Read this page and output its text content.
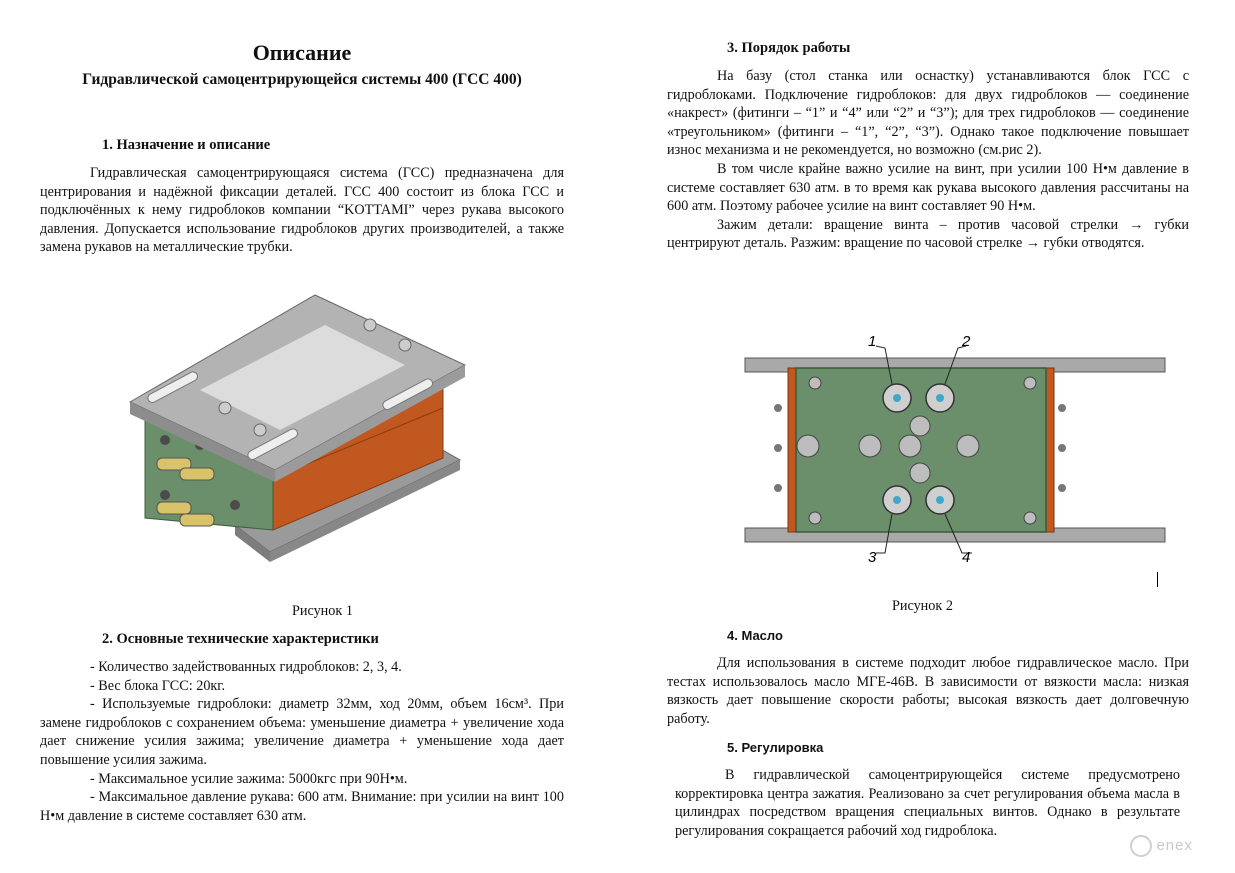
Описание
Гидравлической самоцентрирующейся системы 400 (ГСС 400)
1. Назначение и описание

Гидравлическая самоцентрирующаяся система (ГСС) предназначена для центрирования и надёжной фиксации деталей. ГСС 400 состоит из блока ГСС и подключённых к нему гидроблоков компании “KOTTAMI” через рукава высокого давления. Допускается использование гидроблоков других производителей, а также замена рукавов на металлические трубки.

Рисунок 1
2. Основные технические характеристики

- Количество задействованных гидроблоков: 2, 3, 4.

- Вес блока ГСС: 20кг.

- Используемые гидроблоки: диаметр 32мм, ход 20мм, объем 16см³. При замене гидроблоков с сохранением объема: уменьшение диаметра + увеличение хода дает снижение усилия зажима; увеличение диаметра + уменьшение хода дает повышение усилия зажима.

- Максимальное усилие зажима: 5000кгс при 90Н•м.

- Максимальное давление рукава: 600 атм. Внимание: при усилии на винт 100 Н•м давление в системе составляет 630 атм.

3. Порядок работы

На базу (стол станка или оснастку) устанавливаются блок ГСС с гидроблоками. Подключение гидроблоков: для двух гидроблоков — соединение «накрест» (фитинги – “1” и “4” или “2” и “3”); для трех гидроблоков — соединение «треугольником» (фитинги – “1”, “2”, “3”). Однако такое подключение повышает износ механизма и не рекомендуется, но возможно (см.рис 2).

В том числе крайне важно усилие на винт, при усилии 100 Н•м давление в системе составляет 630 атм. в то время как рукава высокого давления рассчитаны на 600 атм. Поэтому рабочее усилие на винт составляет 90 Н•м.

Зажим детали: вращение винта – против часовой стрелки → губки центрируют деталь. Разжим: вращение по часовой стрелке → губки отводятся.

1	2
3	4
Рисунок 2
4. Масло

Для использования в системе подходит любое гидравлическое масло. При тестах использовалось масло МГЕ-46В. В зависимости от вязкости масла: низкая вязкость дает повышение скорости работы; высокая вязкость дает долговечную работу.

5. Регулировка

В гидравлической самоцентрирующейся системе предусмотрено корректировка центра зажатия. Реализовано за счет регулирования объема масла в цилиндрах посредством вращения специальных винтов. Однако в результате регулирования сокращается рабочий ход гидроблока.

enex
